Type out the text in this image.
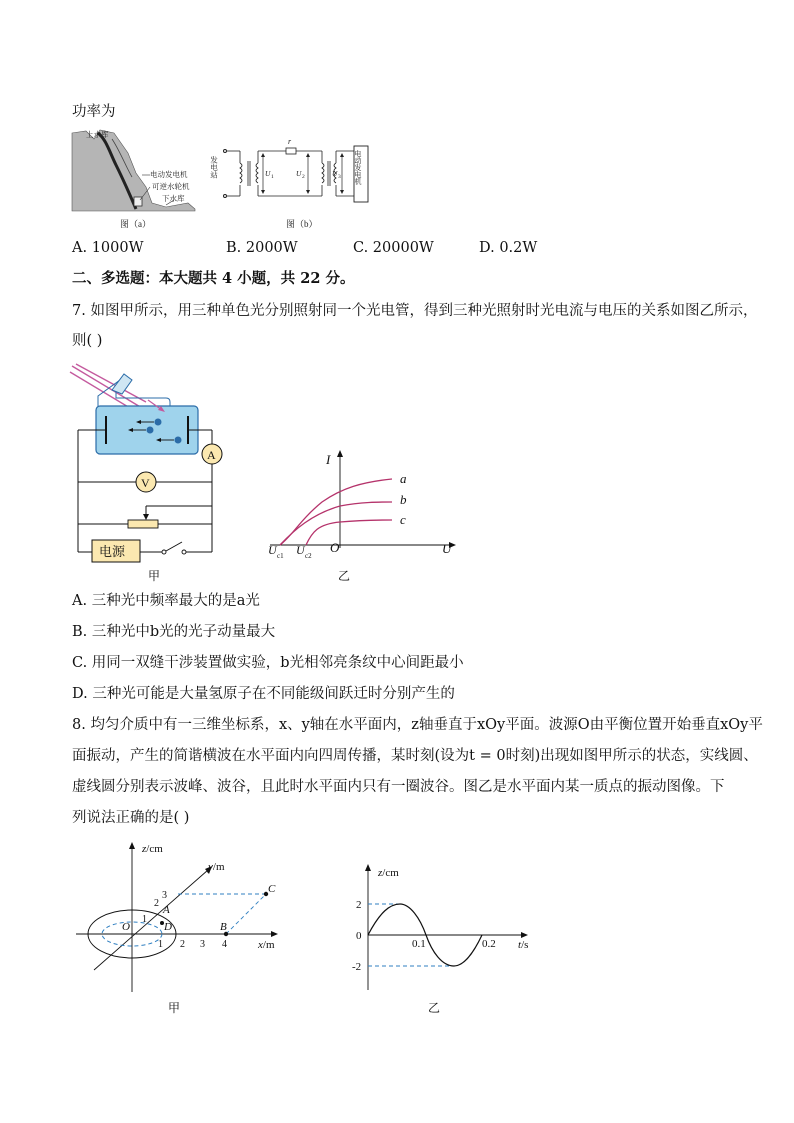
功率为
上水库
电动发电机
可逆水轮机
下水库
图（a）
发电站
r
U 1	U 2	U 3 电动发电机
图（b）
A. 1000W	B. 2000W	C. 20000W	D. 0.2W
二、多选题：本大题共 4 小题，共 22 分。
7. 如图甲所示，用三种单色光分别照射同一个光电管，得到三种光照射时光电流与电压的关系如图乙所示，
则( )
A
V
电源
甲
I
U
O
U c1 U c2
a
b
c
乙
A. 三种光中频率最大的是a光
B. 三种光中b光的光子动量最大
C. 用同一双缝干涉装置做实验，b光相邻亮条纹中心间距最小
D. 三种光可能是大量氢原子在不同能级间跃迁时分别产生的
8. 均匀介质中有一三维坐标系，x、y轴在水平面内，z轴垂直于xOy平面。波源O由平衡位置开始垂直xOy平
面振动，产生的简谐横波在水平面内向四周传播，某时刻(设为t = 0时刻)出现如图甲所示的状态，实线圆、
虚线圆分别表示波峰、波谷，且此时水平面内只有一圈波谷。图乙是水平面内某一质点的振动图像。下
列说法正确的是( )
z/cm
x/m
y/m
O
1
2
3
1 2 3 4
C
B
D
A
甲
z/cm
t/s
2
0
-2
0.1	0.2
乙
